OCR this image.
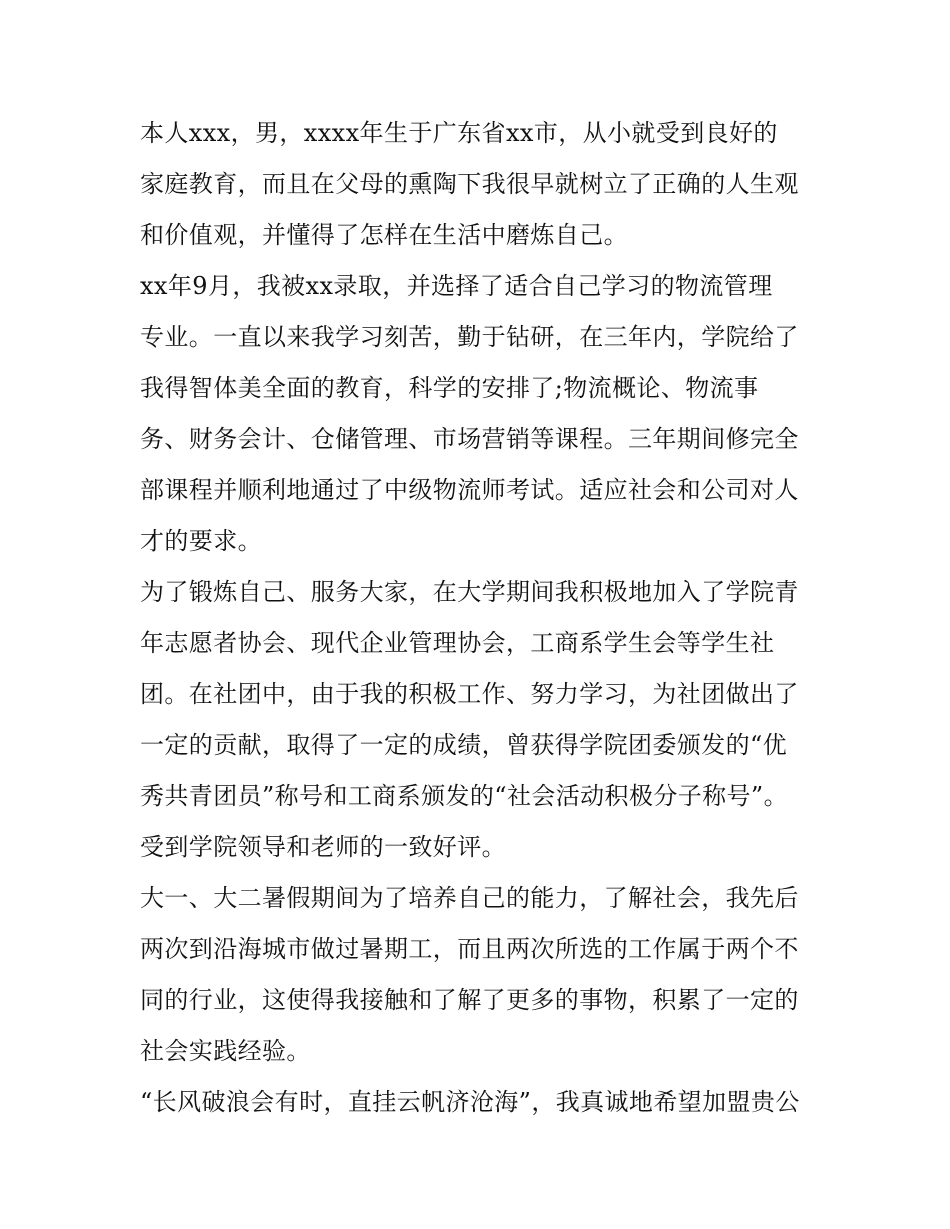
本人xxx，男，xxxx年生于广东省xx市，从小就受到良好的
家庭教育，而且在父母的熏陶下我很早就树立了正确的人生观
和价值观，并懂得了怎样在生活中磨炼自己。
xx年9月，我被xx录取，并选择了适合自己学习的物流管理
专业。一直以来我学习刻苦，勤于钻研，在三年内，学院给了
我得智体美全面的教育，科学的安排了;物流概论、物流事
务、财务会计、仓储管理、市场营销等课程。三年期间修完全
部课程并顺利地通过了中级物流师考试。适应社会和公司对人
才的要求。
为了锻炼自己、服务大家，在大学期间我积极地加入了学院青
年志愿者协会、现代企业管理协会，工商系学生会等学生社
团。在社团中，由于我的积极工作、努力学习，为社团做出了
一定的贡献，取得了一定的成绩，曾获得学院团委颁发的“优
秀共青团员”称号和工商系颁发的“社会活动积极分子称号”。
受到学院领导和老师的一致好评。
大一、大二暑假期间为了培养自己的能力，了解社会，我先后
两次到沿海城市做过暑期工，而且两次所选的工作属于两个不
同的行业，这使得我接触和了解了更多的事物，积累了一定的
社会实践经验。
“长风破浪会有时，直挂云帆济沧海”，我真诚地希望加盟贵公
